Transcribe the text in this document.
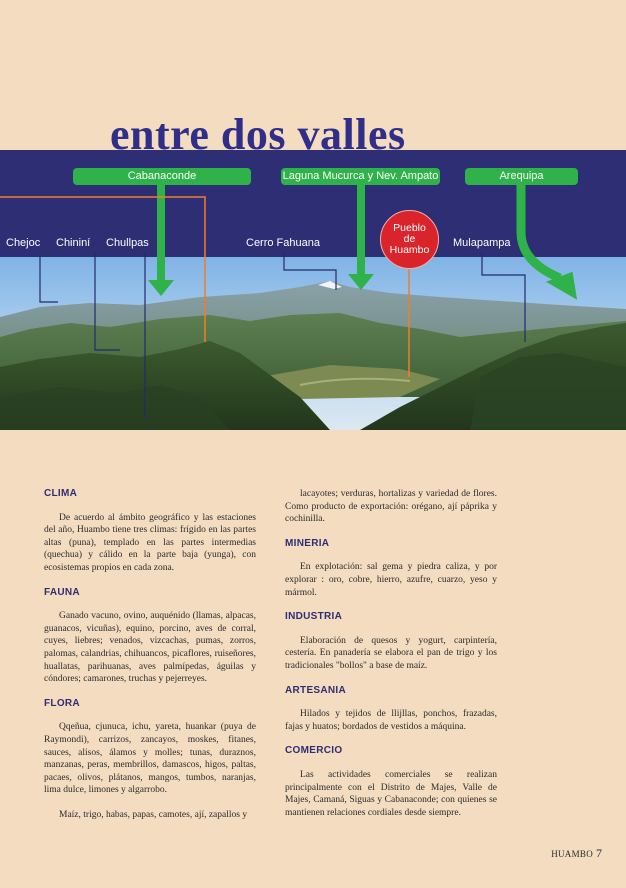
entre dos valles
Cabanaconde	Laguna Mucurca y Nev. Ampato	Arequipa
Chejoc Chininí Chullpas	Cerro Fahuana	Mulapampa
Pueblo
de
Huambo
CLIMA

De acuerdo al ámbito geográfico y las estaciones del año, Huambo tiene tres climas: frígido en las partes altas (puna), templado en las partes intermedias (quechua) y cálido en la parte baja (yunga), con ecosistemas propios en cada zona.

FAUNA

Ganado vacuno, ovino, auquénido (llamas, alpacas, guanacos, vicuñas), equino, porcino, aves de corral, cuyes, liebres; venados, vizcachas, pumas, zorros, palomas, calandrias, chihuancos, picaflores, ruiseñores, huallatas, parihuanas, aves palmípedas, águilas y cóndores; camarones, truchas y pejerreyes.

FLORA

Qqeñua, cjunuca, ichu, yareta, huankar (puya de Raymondi), carrizos, zancayos, moskes, fitanes, sauces, alisos, álamos y molles; tunas, duraznos, manzanas, peras, membrillos, damascos, higos, paltas, pacaes, olivos, plátanos, mangos, tumbos, naranjas, lima dulce, limones y algarrobo.

Maíz, trigo, habas, papas, camotes, ají, zapallos y

lacayotes; verduras, hortalizas y variedad de flores. Como producto de exportación: orégano, ají páprika y cochinilla.

MINERIA

En explotación: sal gema y piedra caliza, y por explorar : oro, cobre, hierro, azufre, cuarzo, yeso y mármol.

INDUSTRIA

Elaboración de quesos y yogurt, carpintería, cestería. En panadería se elabora el pan de trigo y los tradicionales "bollos" a base de maíz.

ARTESANIA

Hilados y tejidos de llijllas, ponchos, frazadas, fajas y huatos; bordados de vestidos a máquina.

COMERCIO

Las actividades comerciales se realizan principalmente con el Distrito de Majes, Valle de Majes, Camaná, Siguas y Cabanaconde; con quienes se mantienen relaciones cordiales desde siempre.

HUAMBO 7
